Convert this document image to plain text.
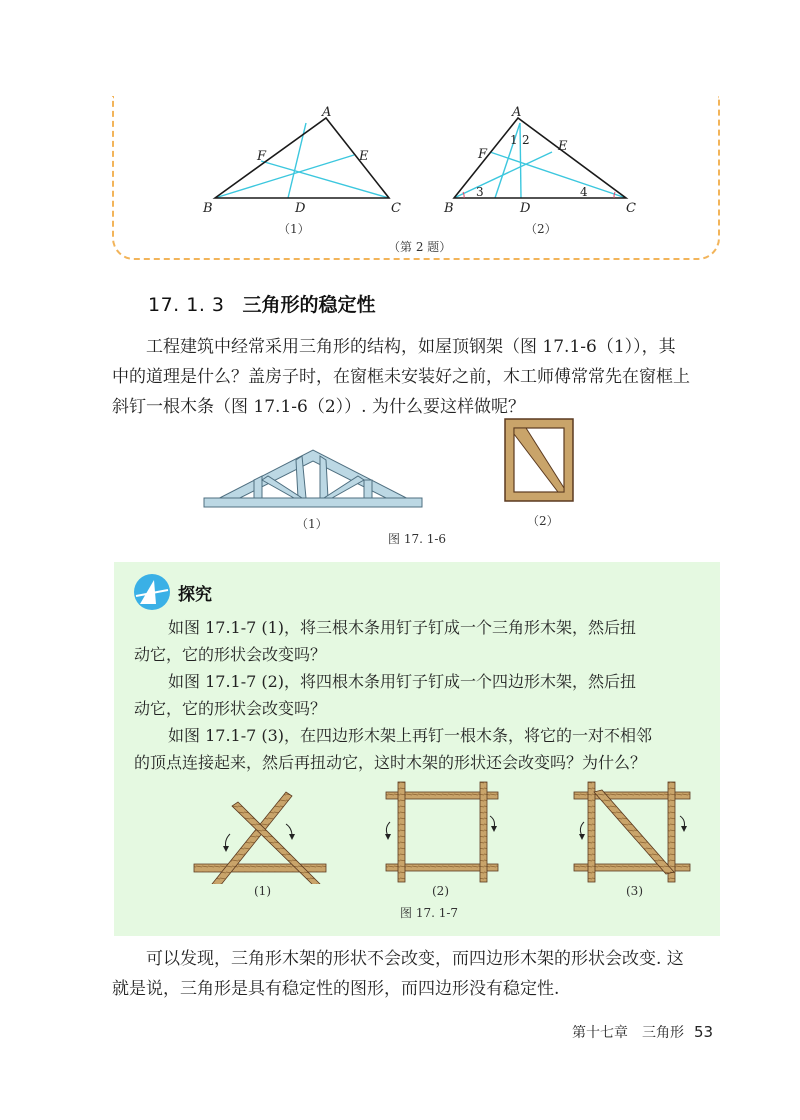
A
B	C
D
E
F
（1）
A
B	C
D
E
F
1 2
3	4
（2）
（第 2 题）
17. 1. 3 三角形的稳定性

工程建筑中经常采用三角形的结构，如屋顶钢架（图 17.1-6（1）），其

中的道理是什么？盖房子时，在窗框未安装好之前，木工师傅常常先在窗框上

斜钉一根木条（图 17.1-6（2））. 为什么要这样做呢？

（1）	（2）
图 17. 1-6
探究
如图 17.1-7 (1)，将三根木条用钉子钉成一个三角形木架，然后扭
动它，它的形状会改变吗？
如图 17.1-7 (2)，将四根木条用钉子钉成一个四边形木架，然后扭
动它，它的形状会改变吗？
如图 17.1-7 (3)，在四边形木架上再钉一根木条，将它的一对不相邻
的顶点连接起来，然后再扭动它，这时木架的形状还会改变吗？为什么？
(1)	(2)	(3)
图 17. 1-7

可以发现，三角形木架的形状不会改变，而四边形木架的形状会改变. 这

就是说，三角形是具有稳定性的图形，而四边形没有稳定性.

第十七章　三角形 53
